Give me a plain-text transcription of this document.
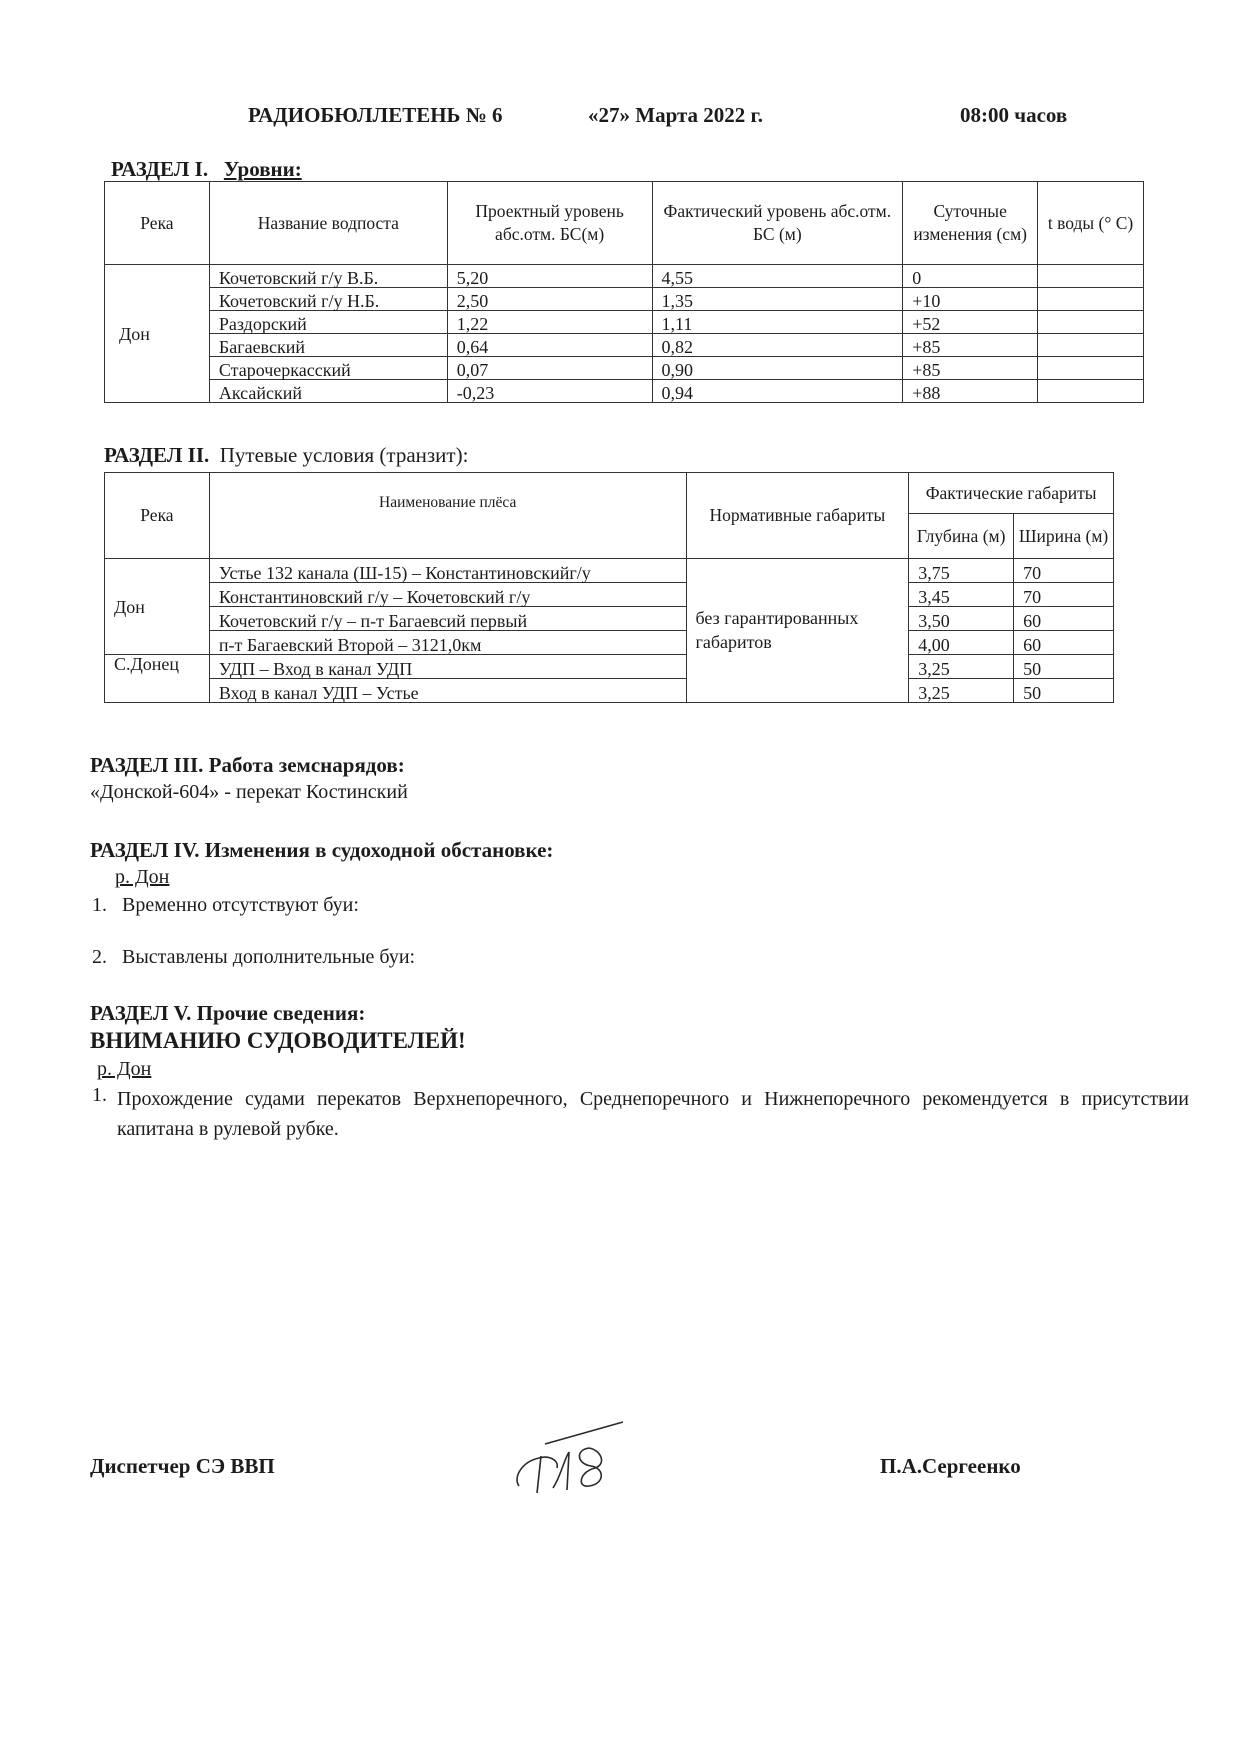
РАДИОБЮЛЛЕТЕНЬ № 6	«27» Марта 2022 г.	08:00 часов
РАЗДЕЛ I. Уровни:
Река	Название водпоста	Проектный уровень абс.отм. БС(м)	Фактический уровень абс.отм. БС (м)	Суточные изменения (см)	t воды (° С)
Дон	Кочетовский г/у В.Б.	5,20	4,55	0	
	Кочетовский г/у Н.Б.	2,50	1,35	+10	
	Раздорский	1,22	1,11	+52	
	Багаевский	0,64	0,82	+85	
	Старочеркасский	0,07	0,90	+85	
	Аксайский	-0,23	0,94	+88	
РАЗДЕЛ II. Путевые условия (транзит):
Река	Наименование плёса	Нормативные габариты	Фактические габариты	
			Глубина (м)	Ширина (м)
Дон	Устье 132 канала (Ш-15) – Константиновскийг/у	без гарантированных габаритов	3,75	70
	Константиновский г/у – Кочетовский г/у		3,45	70
	Кочетовский г/у – п-т Багаевсий первый		3,50	60
	п-т Багаевский Второй – 3121,0км		4,00	60
С.Донец	УДП – Вход в канал УДП		3,25	50
	Вход в канал УДП – Устье		3,25	50
РАЗДЕЛ III. Работа земснарядов:
«Донской-604» - перекат Костинский
РАЗДЕЛ IV. Изменения в судоходной обстановке:
р. Дон
1.   Временно отсутствуют буи:
2.   Выставлены дополнительные буи:
РАЗДЕЛ V. Прочие сведения:
ВНИМАНИЮ СУДОВОДИТЕЛЕЙ!
р. Дон
1. Прохождение судами перекатов Верхнепоречного, Среднепоречного и Нижнепоречного рекомендуется в присутствии капитана в рулевой рубке.
Диспетчер СЭ ВВП	П.А.Сергеенко
